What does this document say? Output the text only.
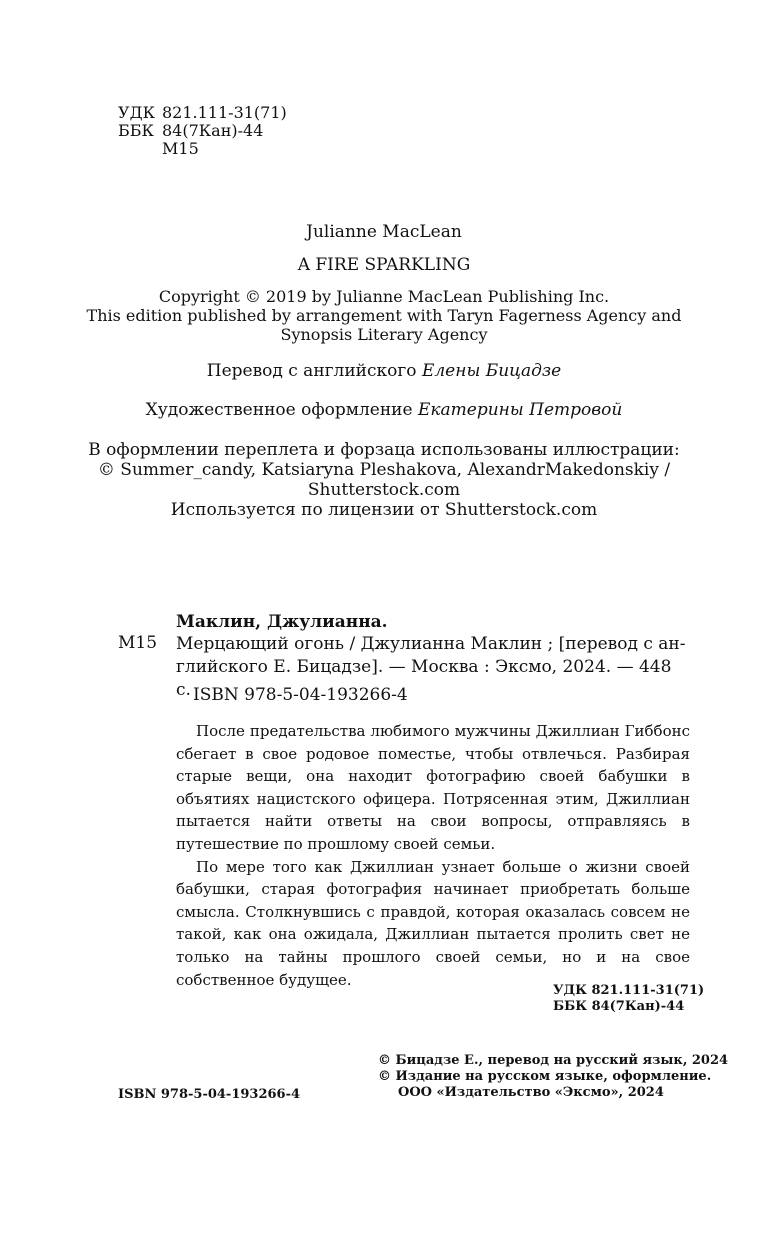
УДК 821.111-31(71)
ББК 84(7Кан)-44
М15
Julianne MacLean
A FIRE SPARKLING
Copyright © 2019 by Julianne MacLean Publishing Inc.
This edition published by arrangement with Taryn Fagerness Agency and
Synopsis Literary Agency
Перевод с английского Елены Бицадзе
Художественное оформление Екатерины Петровой
В оформлении переплета и форзаца использованы иллюстрации:
© Summer_candy, Katsiaryna Pleshakova, AlexandrMakedonskiy /
Shutterstock.com
Используется по лицензии от Shutterstock.com
Маклин, Джулианна.
М15 Мерцающий огонь / Джулианна Маклин ; [перевод с ан-
глийского Е. Бицадзе]. — Москва : Эксмо, 2024. — 448 с. ISBN 978-5-04-193266-4

После предательства любимого мужчины Джиллиан Гиббонс сбегает в свое родовое поместье, чтобы отвлечься. Разбирая старые вещи, она находит фотографию своей бабушки в объятиях нацистского офицера. Потрясенная этим, Джиллиан пытается найти ответы на свои вопросы, отправляясь в путешествие по прошлому своей семьи.

По мере того как Джиллиан узнает больше о жизни своей бабушки, старая фотография начинает приобретать больше смысла. Столкнувшись с правдой, которая оказалась совсем не такой, как она ожидала, Джиллиан пытается пролить свет не только на тайны прошлого своей семьи, но и на свое собственное будущее.

УДК 821.111-31(71)
ББК 84(7Кан)-44
© Бицадзе Е., перевод на русский язык, 2024
© Издание на русском языке, оформление.
ООО «Издательство «Эксмо», 2024
ISBN 978-5-04-193266-4
